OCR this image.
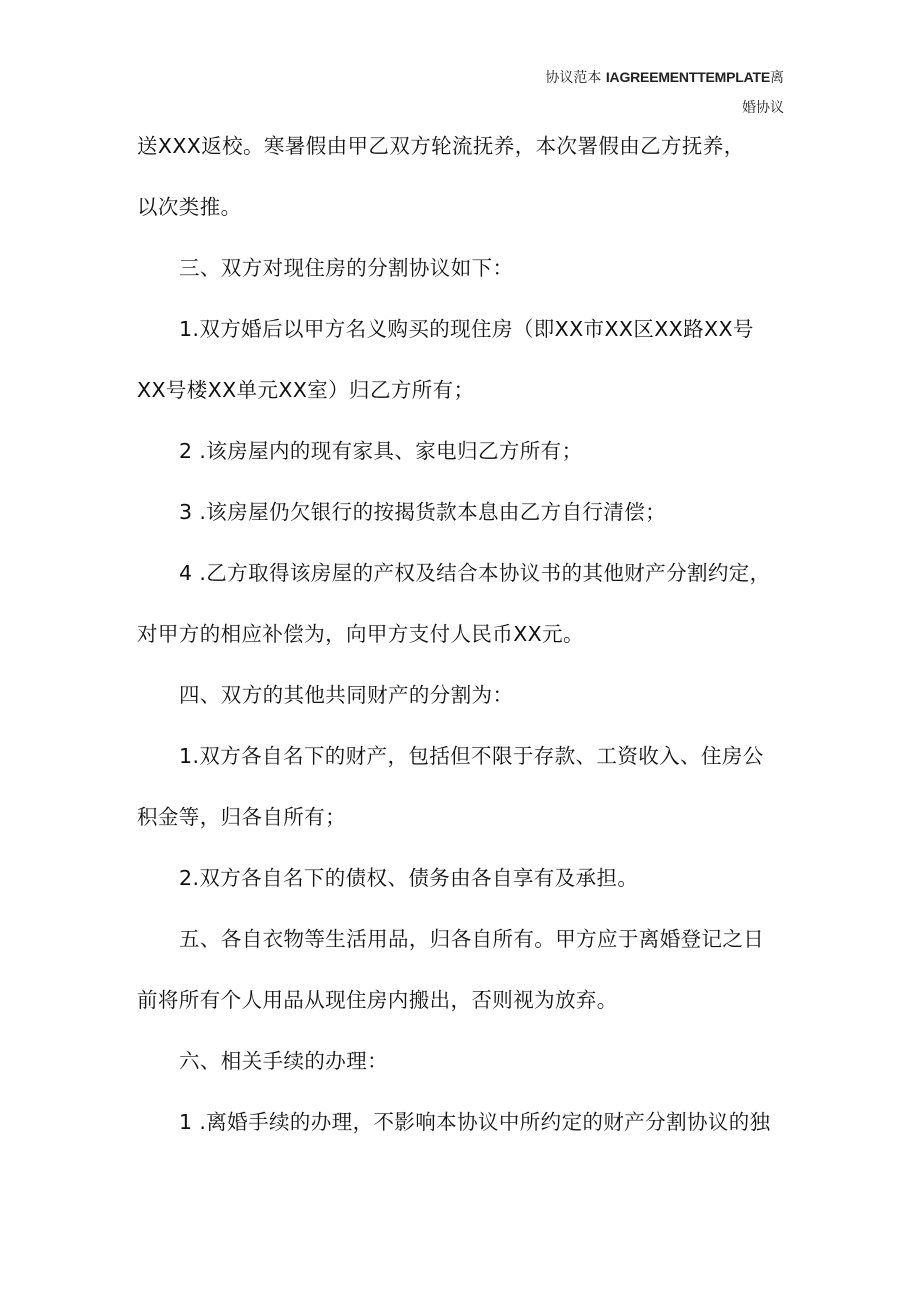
协议范本 IAGREEMENTTEMPLATE离
婚协议
送XXX返校。寒暑假由甲乙双方轮流抚养，本次署假由乙方抚养，
以次类推。
三、双方对现住房的分割协议如下：
1.双方婚后以甲方名义购买的现住房（即XX市XX区XX路XX号
XX号楼XX单元XX室）归乙方所有；
2 .该房屋内的现有家具、家电归乙方所有；
3 .该房屋仍欠银行的按揭货款本息由乙方自行清偿；
4 .乙方取得该房屋的产权及结合本协议书的其他财产分割约定，
对甲方的相应补偿为，向甲方支付人民币XX元。
四、双方的其他共同财产的分割为：
1.双方各自名下的财产，包括但不限于存款、工资收入、住房公
积金等，归各自所有；
2.双方各自名下的债权、债务由各自享有及承担。
五、各自衣物等生活用品，归各自所有。甲方应于离婚登记之日
前将所有个人用品从现住房内搬出，否则视为放弃。
六、相关手续的办理：
1 .离婚手续的办理，不影响本协议中所约定的财产分割协议的独
